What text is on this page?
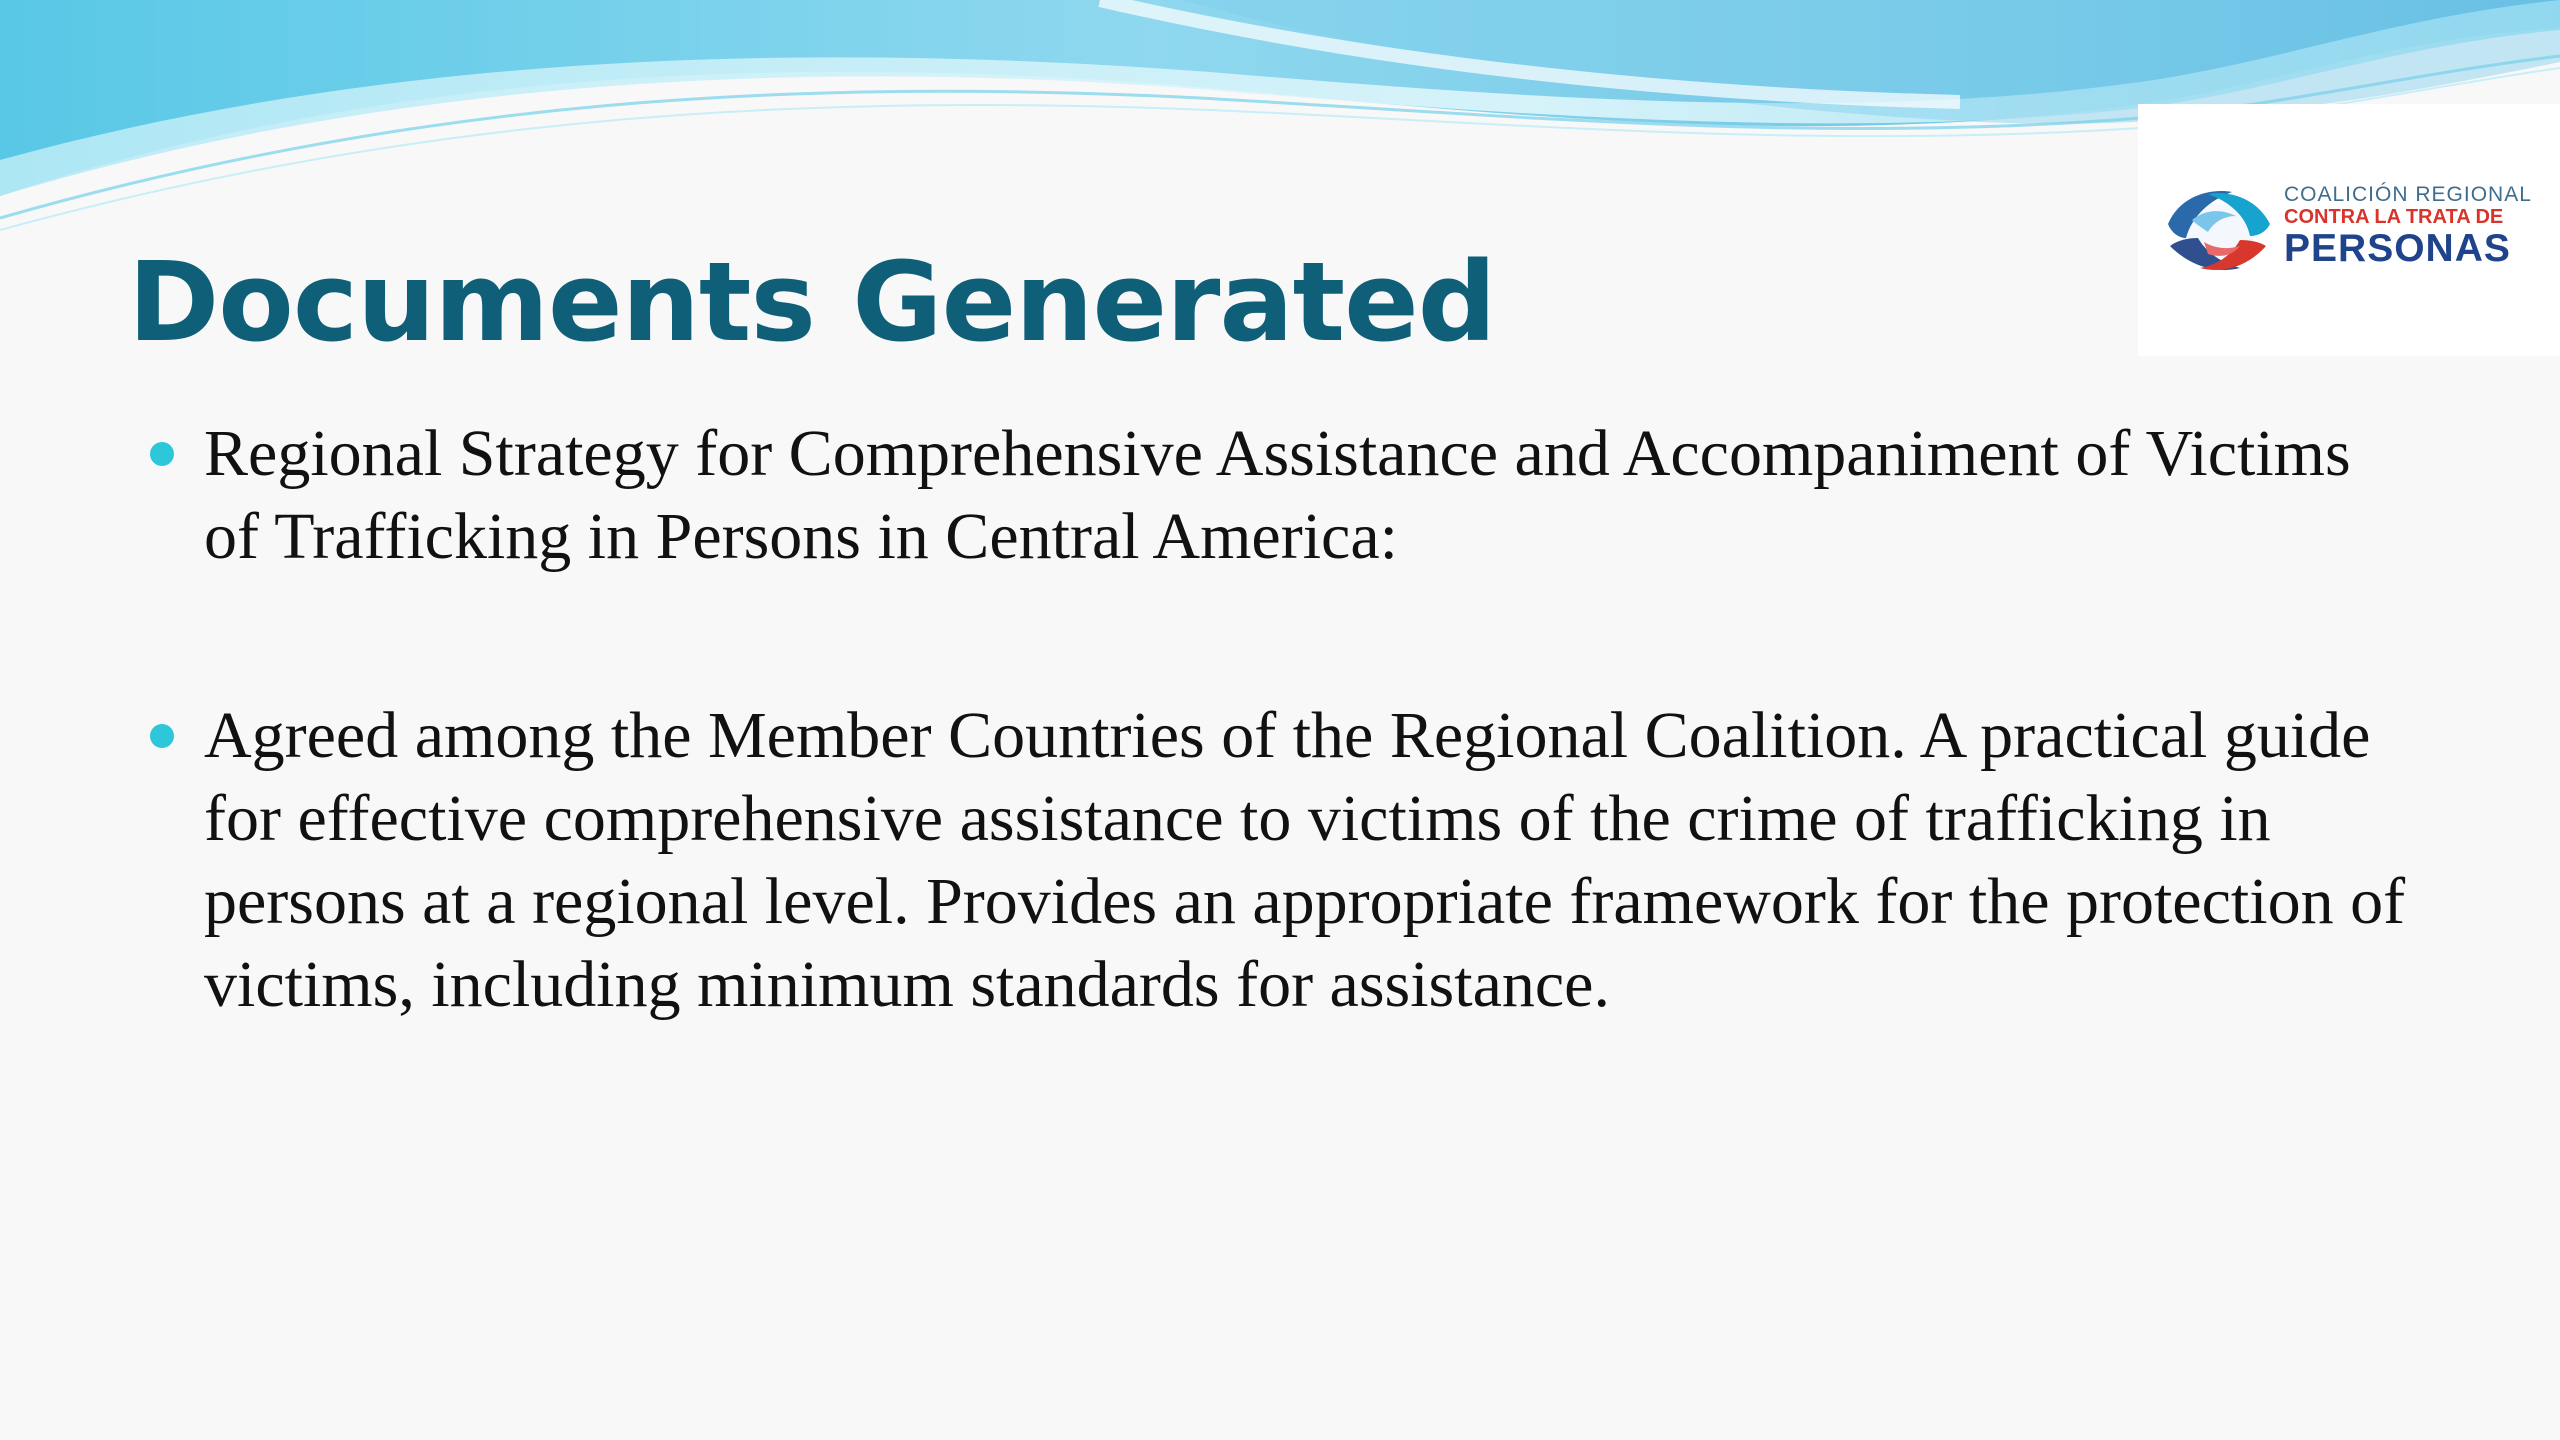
COALICIÓN REGIONAL
CONTRA LA TRATA DE
PERSONAS
Documents Generated
Regional Strategy for Comprehensive Assistance and Accompaniment of Victims of Trafficking in Persons in Central America:
Agreed among the Member Countries of the Regional Coalition. A practical guide for effective comprehensive assistance to victims of the crime of trafficking in persons at a regional level. Provides an appropriate framework for the protection of victims, including minimum standards for assistance.
